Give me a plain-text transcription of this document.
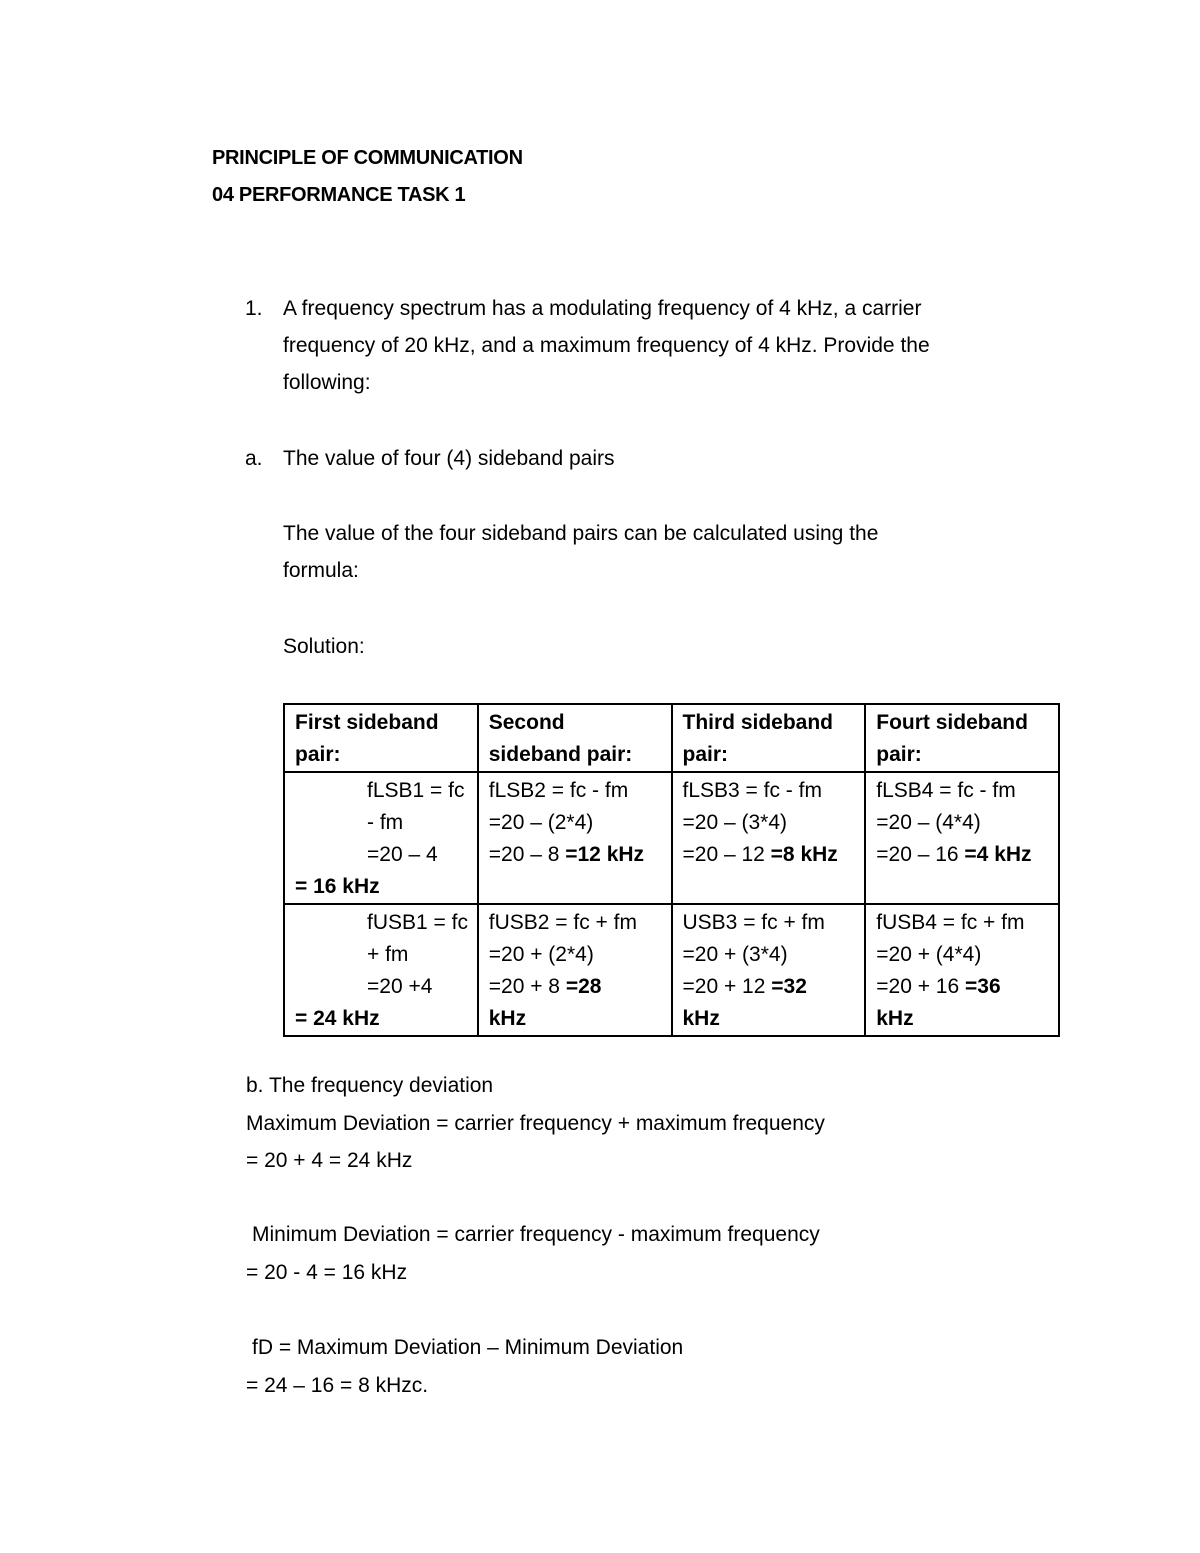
PRINCIPLE OF COMMUNICATION
04 PERFORMANCE TASK 1
1. A frequency spectrum has a modulating frequency of 4 kHz, a carrier
frequency of 20 kHz, and a maximum frequency of 4 kHz. Provide the
following:
a. The value of four (4) sideband pairs
The value of the four sideband pairs can be calculated using the
formula:
Solution:
First sideband
pair:	Second
sideband pair:	Third sideband
pair:	Fourt sideband
pair:

fLSB1 = fc
- fm
=20 – 4
= 16 kHz	fLSB2 = fc - fm
=20 – (2*4)
=20 – 8 =12 kHz	fLSB3 = fc - fm
=20 – (3*4)
=20 – 12 =8 kHz	fLSB4 = fc - fm
=20 – (4*4)
=20 – 16 =4 kHz

fUSB1 = fc
+ fm
=20 +4
= 24 kHz	fUSB2 = fc + fm
=20 + (2*4)
=20 + 8 =28
kHz	USB3 = fc + fm
=20 + (3*4)
=20 + 12 =32
kHz	fUSB4 = fc + fm
=20 + (4*4)
=20 + 16 =36
kHz
b. The frequency deviation
Maximum Deviation = carrier frequency + maximum frequency
= 20 + 4 = 24 kHz
Minimum Deviation = carrier frequency - maximum frequency
= 20 - 4 = 16 kHz
fD = Maximum Deviation – Minimum Deviation
= 24 – 16 = 8 kHzc.
